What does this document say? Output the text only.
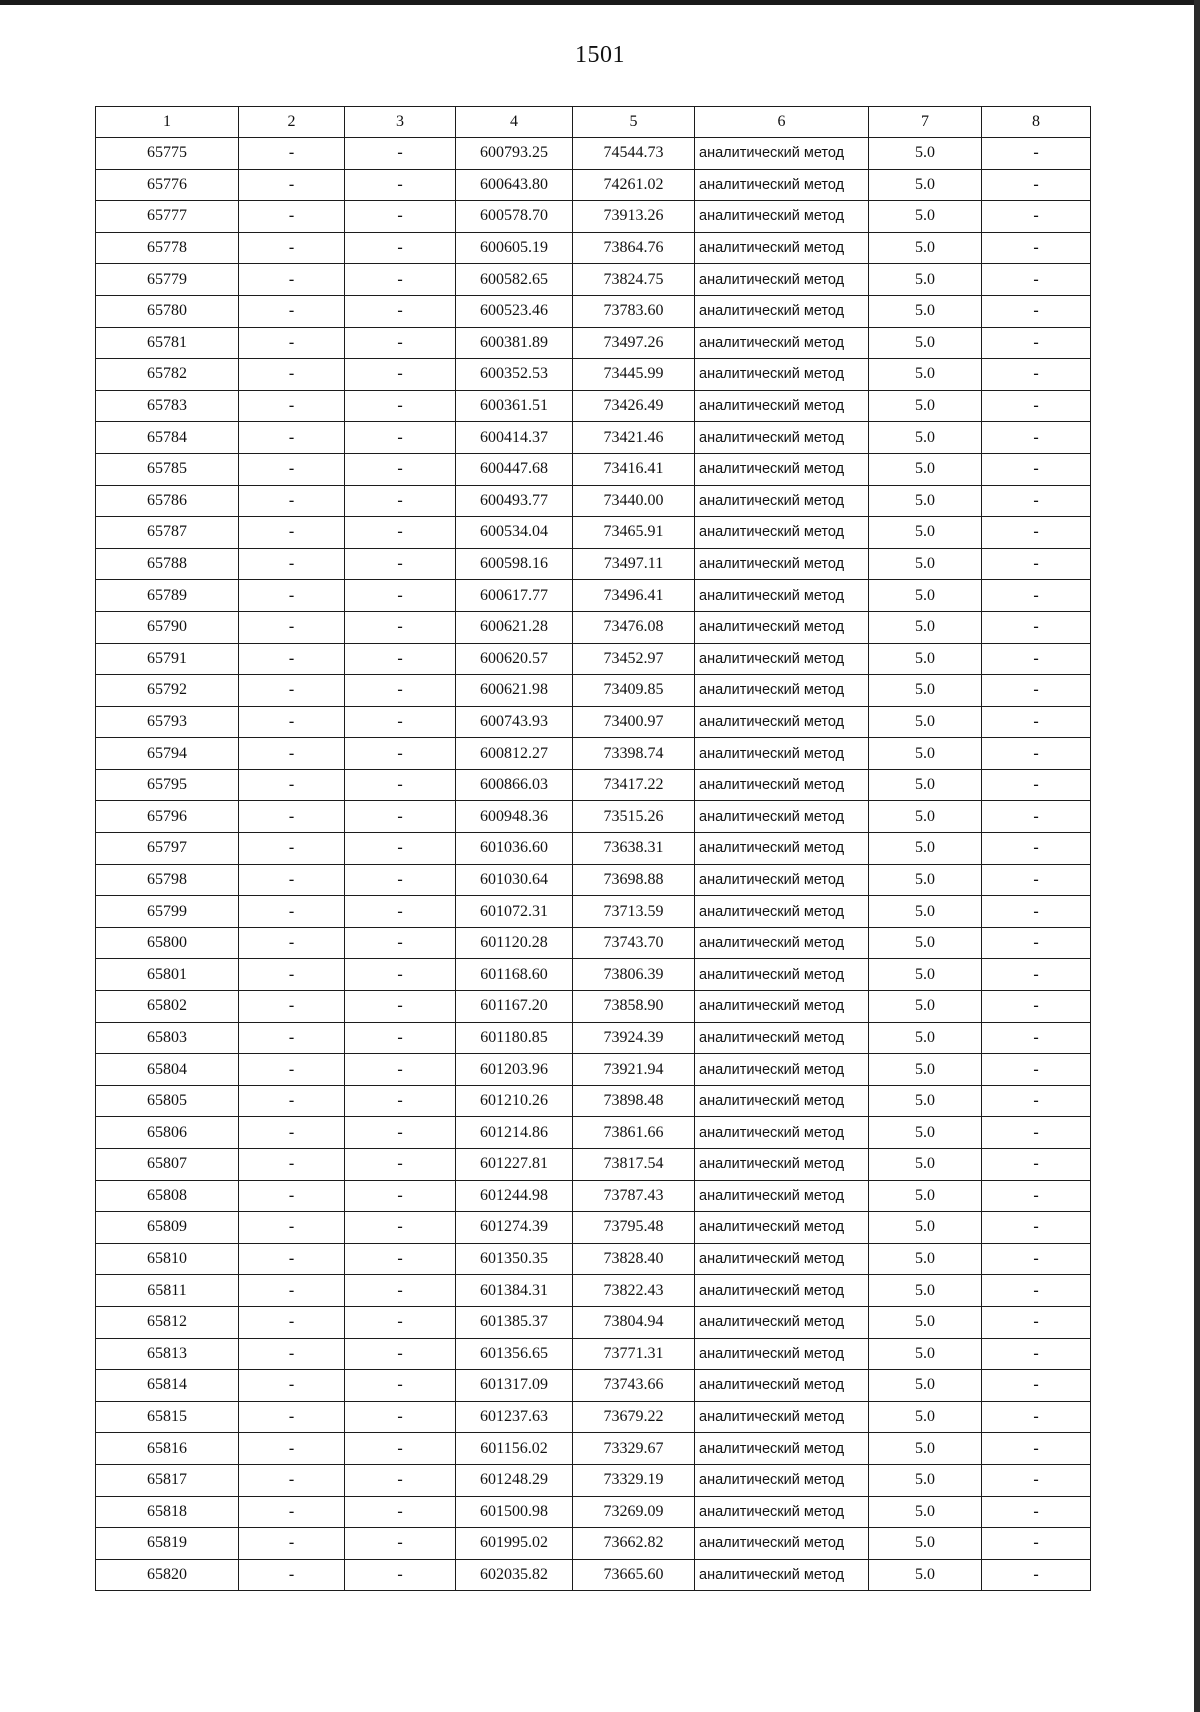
1501
1	2	3	4	5	6	7	8
65775	-	-	600793.25	74544.73	аналитический метод	5.0	-
65776	-	-	600643.80	74261.02	аналитический метод	5.0	-
65777	-	-	600578.70	73913.26	аналитический метод	5.0	-
65778	-	-	600605.19	73864.76	аналитический метод	5.0	-
65779	-	-	600582.65	73824.75	аналитический метод	5.0	-
65780	-	-	600523.46	73783.60	аналитический метод	5.0	-
65781	-	-	600381.89	73497.26	аналитический метод	5.0	-
65782	-	-	600352.53	73445.99	аналитический метод	5.0	-
65783	-	-	600361.51	73426.49	аналитический метод	5.0	-
65784	-	-	600414.37	73421.46	аналитический метод	5.0	-
65785	-	-	600447.68	73416.41	аналитический метод	5.0	-
65786	-	-	600493.77	73440.00	аналитический метод	5.0	-
65787	-	-	600534.04	73465.91	аналитический метод	5.0	-
65788	-	-	600598.16	73497.11	аналитический метод	5.0	-
65789	-	-	600617.77	73496.41	аналитический метод	5.0	-
65790	-	-	600621.28	73476.08	аналитический метод	5.0	-
65791	-	-	600620.57	73452.97	аналитический метод	5.0	-
65792	-	-	600621.98	73409.85	аналитический метод	5.0	-
65793	-	-	600743.93	73400.97	аналитический метод	5.0	-
65794	-	-	600812.27	73398.74	аналитический метод	5.0	-
65795	-	-	600866.03	73417.22	аналитический метод	5.0	-
65796	-	-	600948.36	73515.26	аналитический метод	5.0	-
65797	-	-	601036.60	73638.31	аналитический метод	5.0	-
65798	-	-	601030.64	73698.88	аналитический метод	5.0	-
65799	-	-	601072.31	73713.59	аналитический метод	5.0	-
65800	-	-	601120.28	73743.70	аналитический метод	5.0	-
65801	-	-	601168.60	73806.39	аналитический метод	5.0	-
65802	-	-	601167.20	73858.90	аналитический метод	5.0	-
65803	-	-	601180.85	73924.39	аналитический метод	5.0	-
65804	-	-	601203.96	73921.94	аналитический метод	5.0	-
65805	-	-	601210.26	73898.48	аналитический метод	5.0	-
65806	-	-	601214.86	73861.66	аналитический метод	5.0	-
65807	-	-	601227.81	73817.54	аналитический метод	5.0	-
65808	-	-	601244.98	73787.43	аналитический метод	5.0	-
65809	-	-	601274.39	73795.48	аналитический метод	5.0	-
65810	-	-	601350.35	73828.40	аналитический метод	5.0	-
65811	-	-	601384.31	73822.43	аналитический метод	5.0	-
65812	-	-	601385.37	73804.94	аналитический метод	5.0	-
65813	-	-	601356.65	73771.31	аналитический метод	5.0	-
65814	-	-	601317.09	73743.66	аналитический метод	5.0	-
65815	-	-	601237.63	73679.22	аналитический метод	5.0	-
65816	-	-	601156.02	73329.67	аналитический метод	5.0	-
65817	-	-	601248.29	73329.19	аналитический метод	5.0	-
65818	-	-	601500.98	73269.09	аналитический метод	5.0	-
65819	-	-	601995.02	73662.82	аналитический метод	5.0	-
65820	-	-	602035.82	73665.60	аналитический метод	5.0	-
